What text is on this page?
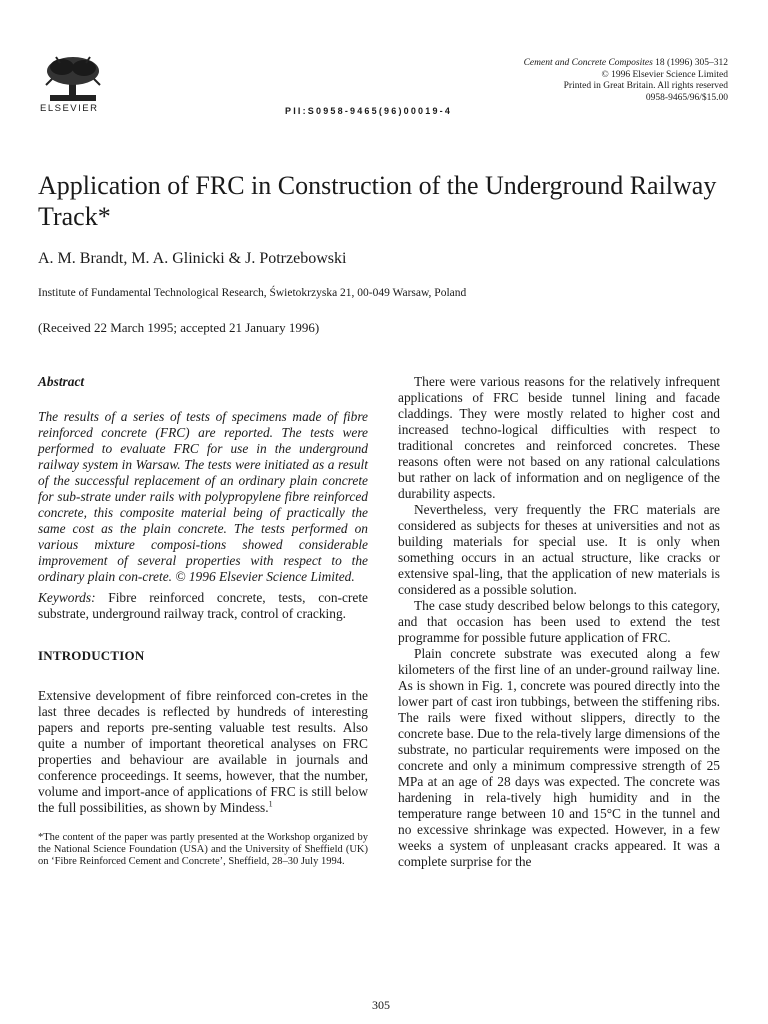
ELSEVIER	PII:S0958-9465(96)00019-4
Cement and Concrete Composites 18 (1996) 305–312
© 1996 Elsevier Science Limited
Printed in Great Britain. All rights reserved
0958-9465/96/$15.00
Application of FRC in Construction of the Underground Railway Track*
A. M. Brandt, M. A. Glinicki & J. Potrzebowski
Institute of Fundamental Technological Research, Świetokrzyska 21, 00-049 Warsaw, Poland
(Received 22 March 1995; accepted 21 January 1996)

Abstract

The results of a series of tests of specimens made of fibre reinforced concrete (FRC) are reported. The tests were performed to evaluate FRC for use in the underground railway system in Warsaw. The tests were initiated as a result of the successful replacement of an ordinary plain concrete for sub-strate under rails with polypropylene fibre reinforced concrete, this composite material being of practically the same cost as the plain concrete. The tests performed on various mixture composi-tions showed considerable improvement of several properties with respect to the ordinary plain con-crete. © 1996 Elsevier Science Limited.

Keywords: Fibre reinforced concrete, tests, con-crete substrate, underground railway track, control of cracking.

INTRODUCTION

Extensive development of fibre reinforced con-cretes in the last three decades is reflected by hundreds of interesting papers and reports pre-senting valuable test results. Also quite a number of important theoretical analyses on FRC properties and behaviour are available in journals and conference proceedings. It seems, however, that the number, volume and import-ance of applications of FRC is still below the full possibilities, as shown by Mindess.$^1$

*The content of the paper was partly presented at the Workshop organized by the National Science Foundation (USA) and the University of Sheffield (UK) on ‘Fibre Reinforced Cement and Concrete’, Sheffield, 28–30 July 1994.

There were various reasons for the relatively infrequent applications of FRC beside tunnel lining and facade claddings. They were mostly related to higher cost and increased techno-logical difficulties with respect to traditional concretes and reinforced concretes. These reasons often were not based on any rational calculations but rather on lack of information and on negligence of the durability aspects.

Nevertheless, very frequently the FRC materials are considered as subjects for theses at universities and not as building materials for special use. It is only when something occurs in an actual structure, like cracks or extensive spal-ling, that the application of new materials is considered as a possible solution.

The case study described below belongs to this category, and that occasion has been used to extend the test programme for possible future application of FRC.

Plain concrete substrate was executed along a few kilometers of the first line of an under-ground railway line. As is shown in Fig. 1, concrete was poured directly into the lower part of cast iron tubbings, between the stiffening ribs. The rails were fixed without slippers, directly to the concrete base. Due to the rela-tively large dimensions of the substrate, no particular requirements were imposed on the concrete and only a minimum compressive strength of 25 MPa at an age of 28 days was expected. The concrete was hardening in rela-tively high humidity and in the temperature range between 10 and 15°C in the tunnel and no excessive shrinkage was expected. However, in a few weeks a system of unpleasant cracks appeared. It was a complete surprise for the

305
